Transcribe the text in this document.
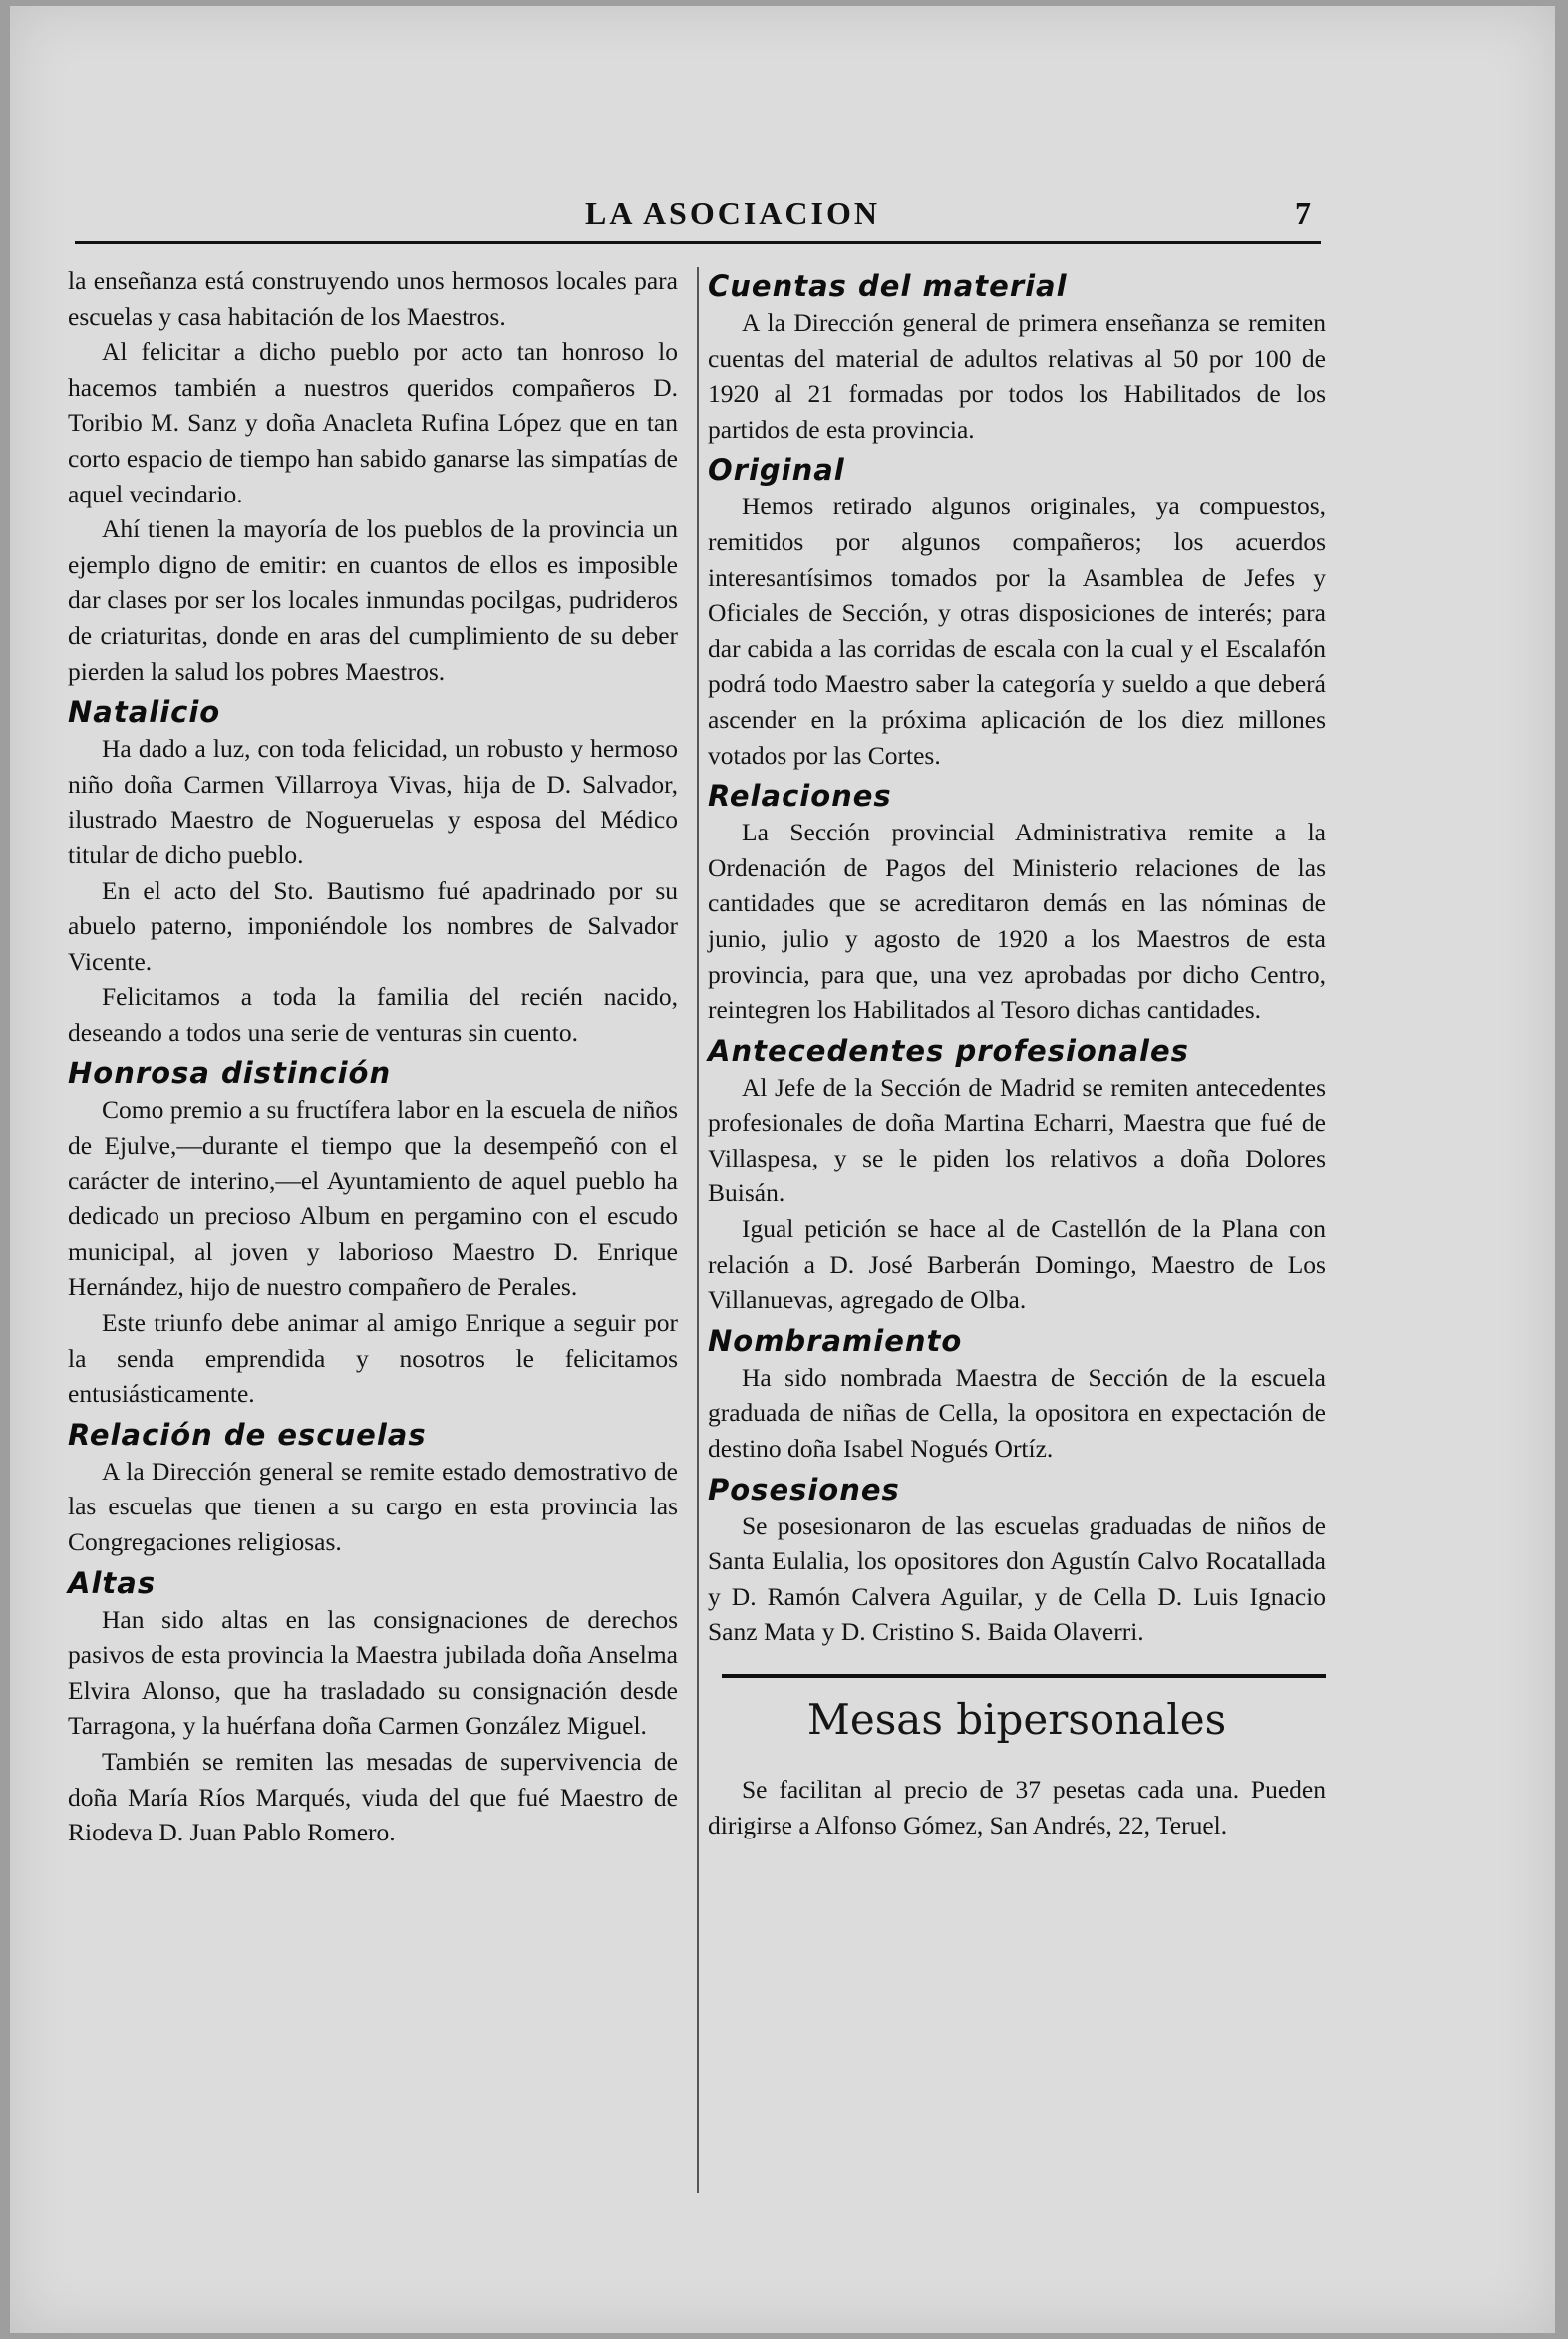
LA ASOCIACION	7

la enseñanza está construyendo unos hermosos locales para escuelas y casa habitación de los Maestros.

Al felicitar a dicho pueblo por acto tan honroso lo hacemos también a nuestros queridos compañeros D. Toribio M. Sanz y doña Anacleta Rufina López que en tan corto espacio de tiempo han sabido ganarse las simpatías de aquel vecindario.

Ahí tienen la mayoría de los pueblos de la provincia un ejemplo digno de emitir: en cuantos de ellos es imposible dar clases por ser los locales inmundas pocilgas, pudrideros de criaturitas, donde en aras del cumplimiento de su deber pierden la salud los pobres Maestros.

Natalicio

Ha dado a luz, con toda felicidad, un robusto y hermoso niño doña Carmen Villarroya Vivas, hija de D. Salvador, ilustrado Maestro de Nogueruelas y esposa del Médico titular de dicho pueblo.

En el acto del Sto. Bautismo fué apadrinado por su abuelo paterno, imponiéndole los nombres de Salvador Vicente.

Felicitamos a toda la familia del recién nacido, deseando a todos una serie de venturas sin cuento.

Honrosa distinción

Como premio a su fructífera labor en la escuela de niños de Ejulve,—durante el tiempo que la desempeñó con el carácter de interino,—el Ayuntamiento de aquel pueblo ha dedicado un precioso Album en pergamino con el escudo municipal, al joven y laborioso Maestro D. Enrique Hernández, hijo de nuestro compañero de Perales.

Este triunfo debe animar al amigo Enrique a seguir por la senda emprendida y nosotros le felicitamos entusiásticamente.

Relación de escuelas

A la Dirección general se remite estado demostrativo de las escuelas que tienen a su cargo en esta provincia las Congregaciones religiosas.

Altas

Han sido altas en las consignaciones de derechos pasivos de esta provincia la Maestra jubilada doña Anselma Elvira Alonso, que ha trasladado su consignación desde Tarragona, y la huérfana doña Carmen González Miguel.

También se remiten las mesadas de supervivencia de doña María Ríos Marqués, viuda del que fué Maestro de Riodeva D. Juan Pablo Romero.

Cuentas del material

A la Dirección general de primera enseñanza se remiten cuentas del material de adultos relativas al 50 por 100 de 1920 al 21 formadas por todos los Habilitados de los partidos de esta provincia.

Original

Hemos retirado algunos originales, ya compuestos, remitidos por algunos compañeros; los acuerdos interesantísimos tomados por la Asamblea de Jefes y Oficiales de Sección, y otras disposiciones de interés; para dar cabida a las corridas de escala con la cual y el Escalafón podrá todo Maestro saber la categoría y sueldo a que deberá ascender en la próxima aplicación de los diez millones votados por las Cortes.

Relaciones

La Sección provincial Administrativa remite a la Ordenación de Pagos del Ministerio relaciones de las cantidades que se acreditaron demás en las nóminas de junio, julio y agosto de 1920 a los Maestros de esta provincia, para que, una vez aprobadas por dicho Centro, reintegren los Habilitados al Tesoro dichas cantidades.

Antecedentes profesionales

Al Jefe de la Sección de Madrid se remiten antecedentes profesionales de doña Martina Echarri, Maestra que fué de Villaspesa, y se le piden los relativos a doña Dolores Buisán.

Igual petición se hace al de Castellón de la Plana con relación a D. José Barberán Domingo, Maestro de Los Villanuevas, agregado de Olba.

Nombramiento

Ha sido nombrada Maestra de Sección de la escuela graduada de niñas de Cella, la opositora en expectación de destino doña Isabel Nogués Ortíz.

Posesiones

Se posesionaron de las escuelas graduadas de niños de Santa Eulalia, los opositores don Agustín Calvo Rocatallada y D. Ramón Calvera Aguilar, y de Cella D. Luis Ignacio Sanz Mata y D. Cristino S. Baida Olaverri.

Mesas bipersonales

Se facilitan al precio de 37 pesetas cada una. Pueden dirigirse a Alfonso Gómez, San Andrés, 22, Teruel.
